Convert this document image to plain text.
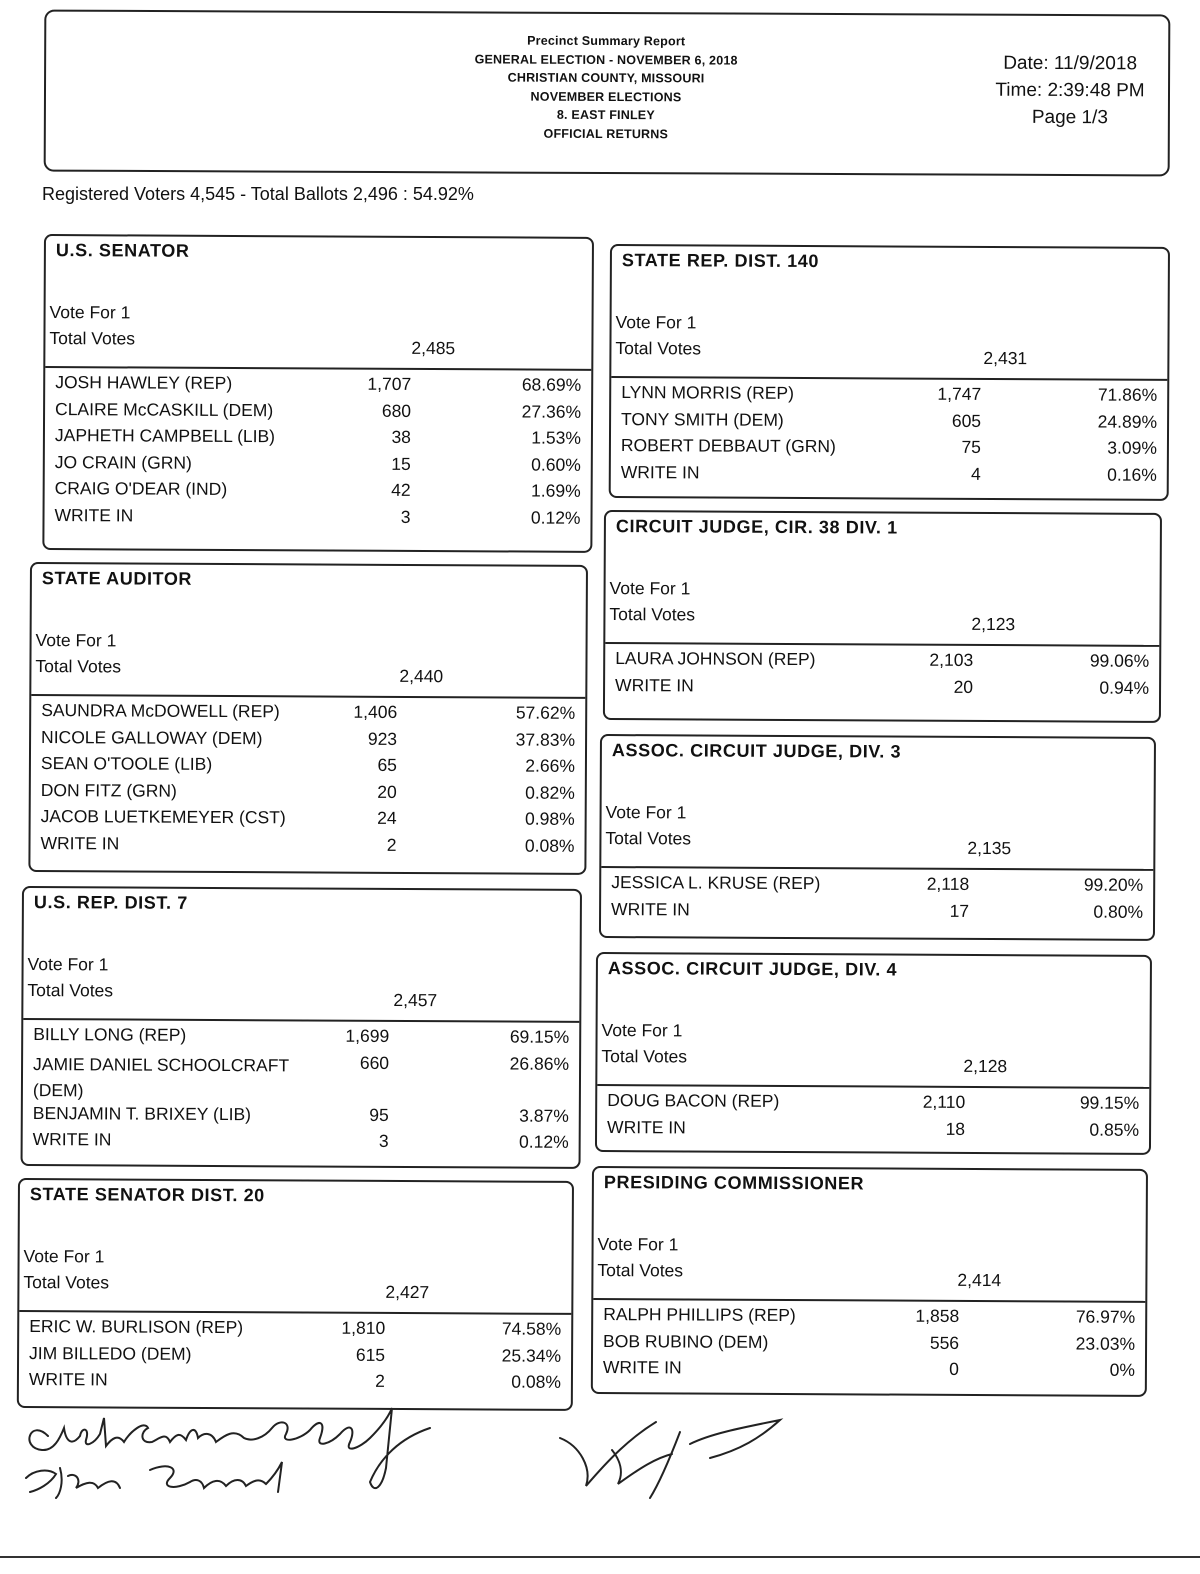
Precinct Summary Report
GENERAL ELECTION - NOVEMBER 6, 2018
CHRISTIAN COUNTY, MISSOURI
NOVEMBER ELECTIONS
8. EAST FINLEY
OFFICIAL RETURNS
Date: 11/9/2018
Time: 2:39:48 PM
Page 1/3
Registered Voters 4,545 - Total Ballots 2,496 : 54.92%
U.S. SENATOR
Vote For 1
Total Votes	2,485
JOSH HAWLEY (REP)	1,707	68.69%
CLAIRE McCASKILL (DEM)	680	27.36%
JAPHETH CAMPBELL (LIB)	38	1.53%
JO CRAIN (GRN)	15	0.60%
CRAIG O'DEAR (IND)	42	1.69%
WRITE IN	3	0.12%
STATE AUDITOR
Vote For 1
Total Votes	2,440
SAUNDRA McDOWELL (REP)	1,406	57.62%
NICOLE GALLOWAY (DEM)	923	37.83%
SEAN O'TOOLE (LIB)	65	2.66%
DON FITZ (GRN)	20	0.82%
JACOB LUETKEMEYER (CST)	24	0.98%
WRITE IN	2	0.08%
U.S. REP. DIST. 7
Vote For 1
Total Votes	2,457
BILLY LONG (REP)	1,699	69.15%
JAMIE DANIEL SCHOOLCRAFT (DEM)
660	26.86%
BENJAMIN T. BRIXEY (LIB)	95	3.87%
WRITE IN	3	0.12%
STATE SENATOR DIST. 20
Vote For 1
Total Votes	2,427
ERIC W. BURLISON (REP)	1,810	74.58%
JIM BILLEDO (DEM)	615	25.34%
WRITE IN	2	0.08%
STATE REP. DIST. 140
Vote For 1
Total Votes	2,431
LYNN MORRIS (REP)	1,747	71.86%
TONY SMITH (DEM)	605	24.89%
ROBERT DEBBAUT (GRN)	75	3.09%
WRITE IN	4	0.16%
CIRCUIT JUDGE, CIR. 38 DIV. 1
Vote For 1
Total Votes	2,123
LAURA JOHNSON (REP)	2,103	99.06%
WRITE IN	20	0.94%
ASSOC. CIRCUIT JUDGE, DIV. 3
Vote For 1
Total Votes	2,135
JESSICA L. KRUSE (REP)	2,118	99.20%
WRITE IN	17	0.80%
ASSOC. CIRCUIT JUDGE, DIV. 4
Vote For 1
Total Votes	2,128
DOUG BACON (REP)	2,110	99.15%
WRITE IN	18	0.85%
PRESIDING COMMISSIONER
Vote For 1
Total Votes	2,414
RALPH PHILLIPS (REP)	1,858	76.97%
BOB RUBINO (DEM)	556	23.03%
WRITE IN	0	0%
